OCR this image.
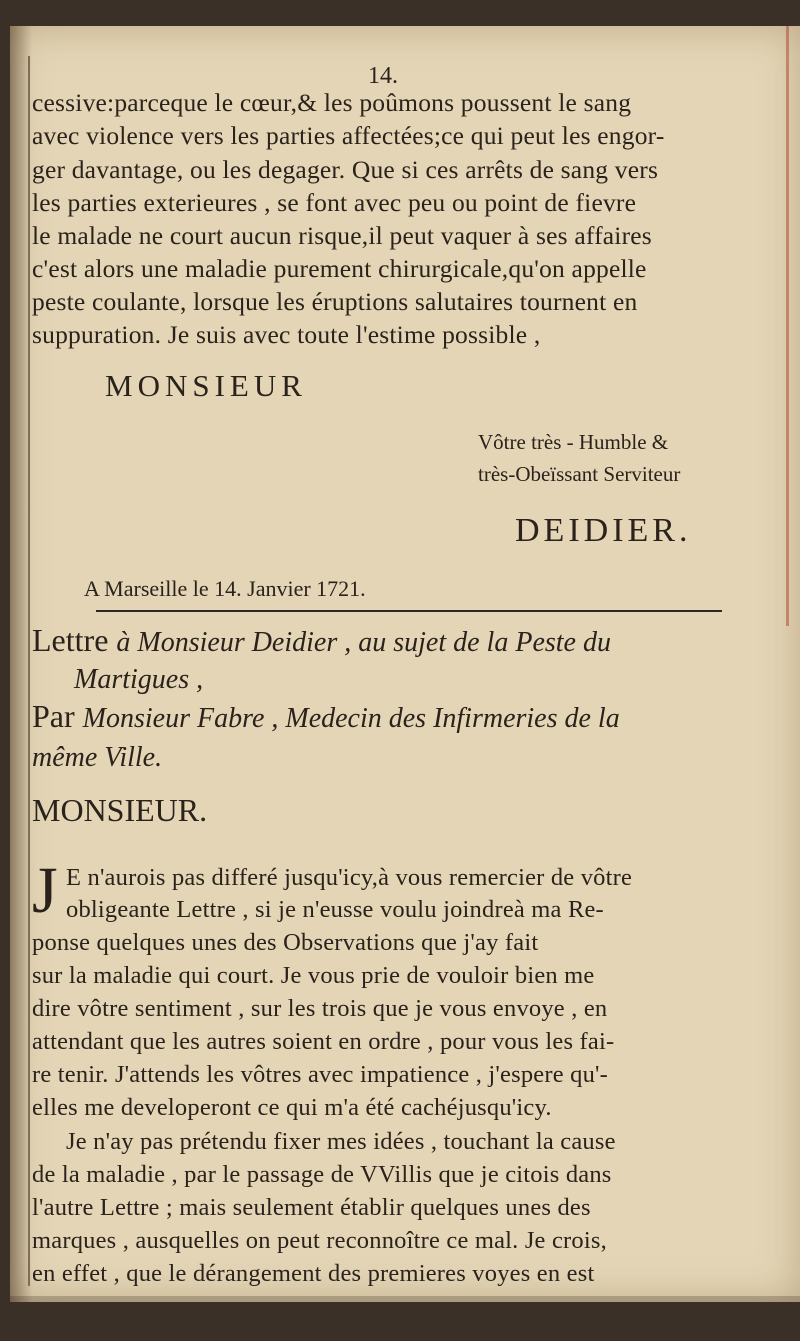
14.
cessive:parceque le cœur,& les poûmons poussent le sang
avec violence vers les parties affectées;ce qui peut les engor-
ger davantage, ou les degager. Que si ces arrêts de sang vers
les parties exterieures , se font avec peu ou point de fievre
le malade ne court aucun risque,il peut vaquer à ses affaires
c'est alors une maladie purement chirurgicale,qu'on appelle
peste coulante, lorsque les éruptions salutaires tournent en
suppuration. Je suis avec toute l'estime possible ,
MONSIEUR
Vôtre très - Humble &
très-Obeïssant Serviteur
DEIDIER.
A Marseille le 14. Janvier 1721.
Lettre à Monsieur Deidier , au sujet de la Peste du
Martigues ,
Par Monsieur Fabre , Medecin des Infirmeries de la
même Ville.
MONSIEUR.
J E n'aurois pas differé jusqu'icy,à vous remercier de vôtre
obligeante Lettre , si je n'eusse voulu joindreà ma Re-
ponse quelques unes des Observations que j'ay fait
sur la maladie qui court. Je vous prie de vouloir bien me
dire vôtre sentiment , sur les trois que je vous envoye , en
attendant que les autres soient en ordre , pour vous les fai-
re tenir. J'attends les vôtres avec impatience , j'espere qu'-
elles me developeront ce qui m'a été cachéjusqu'icy.
Je n'ay pas prétendu fixer mes idées , touchant la cause
de la maladie , par le passage de VVillis que je citois dans
l'autre Lettre ; mais seulement établir quelques unes des
marques , ausquelles on peut reconnoître ce mal. Je crois,
en effet , que le dérangement des premieres voyes en est
